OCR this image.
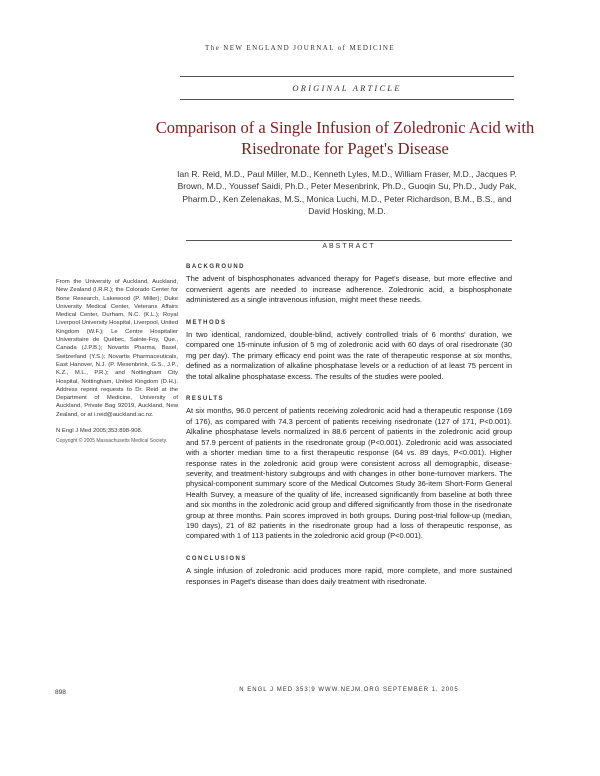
The NEW ENGLAND JOURNAL of MEDICINE
ORIGINAL ARTICLE
Comparison of a Single Infusion of Zoledronic Acid with Risedronate for Paget's Disease
Ian R. Reid, M.D., Paul Miller, M.D., Kenneth Lyles, M.D., William Fraser, M.D., Jacques P. Brown, M.D., Youssef Saidi, Ph.D., Peter Mesenbrink, Ph.D., Guoqin Su, Ph.D., Judy Pak, Pharm.D., Ken Zelenakas, M.S., Monica Luchi, M.D., Peter Richardson, B.M., B.S., and David Hosking, M.D.
ABSTRACT
BACKGROUND

The advent of bisphosphonates advanced therapy for Paget's disease, but more effective and convenient agents are needed to increase adherence. Zoledronic acid, a bisphosphonate administered as a single intravenous infusion, might meet these needs.

METHODS

In two identical, randomized, double-blind, actively controlled trials of 6 months' duration, we compared one 15-minute infusion of 5 mg of zoledronic acid with 60 days of oral risedronate (30 mg per day). The primary efficacy end point was the rate of therapeutic response at six months, defined as a normalization of alkaline phosphatase levels or a reduction of at least 75 percent in the total alkaline phosphatase excess. The results of the studies were pooled.

RESULTS

At six months, 96.0 percent of patients receiving zoledronic acid had a therapeutic response (169 of 176), as compared with 74.3 percent of patients receiving risedronate (127 of 171, P<0.001). Alkaline phosphatase levels normalized in 88.6 percent of patients in the zoledronic acid group and 57.9 percent of patients in the risedronate group (P<0.001). Zoledronic acid was associated with a shorter median time to a first therapeutic response (64 vs. 89 days, P<0.001). Higher response rates in the zoledronic acid group were consistent across all demographic, disease-severity, and treatment-history subgroups and with changes in other bone-turnover markers. The physical-component summary score of the Medical Outcomes Study 36-item Short-Form General Health Survey, a measure of the quality of life, increased significantly from baseline at both three and six months in the zoledronic acid group and differed significantly from those in the risedronate group at three months. Pain scores improved in both groups. During post-trial follow-up (median, 190 days), 21 of 82 patients in the risedronate group had a loss of therapeutic response, as compared with 1 of 113 patients in the zoledronic acid group (P<0.001).

CONCLUSIONS

A single infusion of zoledronic acid produces more rapid, more complete, and more sustained responses in Paget's disease than does daily treatment with risedronate.

From the University of Auckland, Auckland, New Zealand (I.R.R.); the Colorado Center for Bone Research, Lakewood (P. Miller); Duke University Medical Center, Veterans Affairs Medical Center, Durham, N.C. (K.L.); Royal Liverpool University Hospital, Liverpool, United Kingdom (W.F.); Le Centre Hospitalier Universitaire de Québec, Sainte-Foy, Que., Canada (J.P.B.); Novartis Pharma, Basel, Switzerland (Y.S.); Novartis Pharmaceuticals, East Hanover, N.J. (P. Mesenbrink, G.S., J.P., K.Z., M.L., P.R.); and Nottingham City Hospital, Nottingham, United Kingdom (D.H.). Address reprint requests to Dr. Reid at the Department of Medicine, University of Auckland, Private Bag 92019, Auckland, New Zealand, or at i.reid@auckland.ac.nz.
N Engl J Med 2005;353:898-908.
Copyright © 2005 Massachusetts Medical Society.
898	N ENGL J MED 353;9 WWW.NEJM.ORG SEPTEMBER 1, 2005
